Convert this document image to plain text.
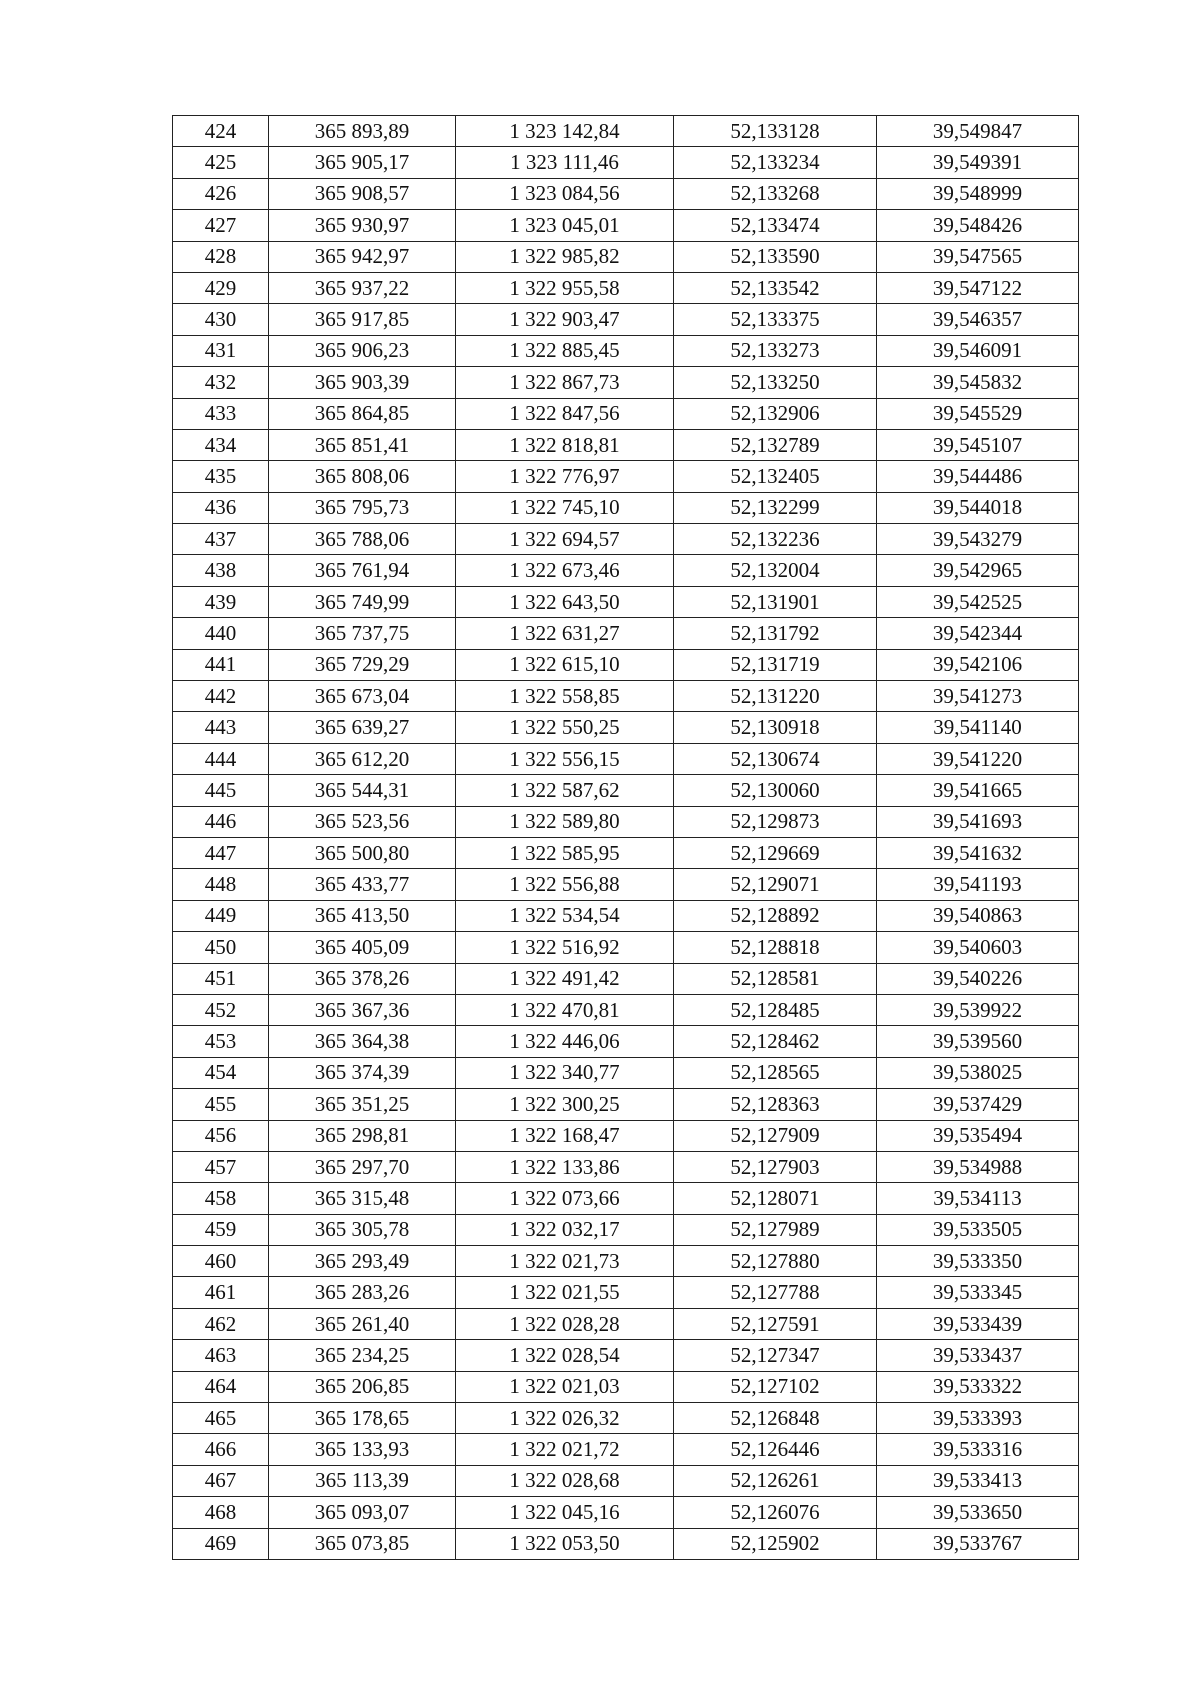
424	365 893,89	1 323 142,84	52,133128	39,549847
425	365 905,17	1 323 111,46	52,133234	39,549391
426	365 908,57	1 323 084,56	52,133268	39,548999
427	365 930,97	1 323 045,01	52,133474	39,548426
428	365 942,97	1 322 985,82	52,133590	39,547565
429	365 937,22	1 322 955,58	52,133542	39,547122
430	365 917,85	1 322 903,47	52,133375	39,546357
431	365 906,23	1 322 885,45	52,133273	39,546091
432	365 903,39	1 322 867,73	52,133250	39,545832
433	365 864,85	1 322 847,56	52,132906	39,545529
434	365 851,41	1 322 818,81	52,132789	39,545107
435	365 808,06	1 322 776,97	52,132405	39,544486
436	365 795,73	1 322 745,10	52,132299	39,544018
437	365 788,06	1 322 694,57	52,132236	39,543279
438	365 761,94	1 322 673,46	52,132004	39,542965
439	365 749,99	1 322 643,50	52,131901	39,542525
440	365 737,75	1 322 631,27	52,131792	39,542344
441	365 729,29	1 322 615,10	52,131719	39,542106
442	365 673,04	1 322 558,85	52,131220	39,541273
443	365 639,27	1 322 550,25	52,130918	39,541140
444	365 612,20	1 322 556,15	52,130674	39,541220
445	365 544,31	1 322 587,62	52,130060	39,541665
446	365 523,56	1 322 589,80	52,129873	39,541693
447	365 500,80	1 322 585,95	52,129669	39,541632
448	365 433,77	1 322 556,88	52,129071	39,541193
449	365 413,50	1 322 534,54	52,128892	39,540863
450	365 405,09	1 322 516,92	52,128818	39,540603
451	365 378,26	1 322 491,42	52,128581	39,540226
452	365 367,36	1 322 470,81	52,128485	39,539922
453	365 364,38	1 322 446,06	52,128462	39,539560
454	365 374,39	1 322 340,77	52,128565	39,538025
455	365 351,25	1 322 300,25	52,128363	39,537429
456	365 298,81	1 322 168,47	52,127909	39,535494
457	365 297,70	1 322 133,86	52,127903	39,534988
458	365 315,48	1 322 073,66	52,128071	39,534113
459	365 305,78	1 322 032,17	52,127989	39,533505
460	365 293,49	1 322 021,73	52,127880	39,533350
461	365 283,26	1 322 021,55	52,127788	39,533345
462	365 261,40	1 322 028,28	52,127591	39,533439
463	365 234,25	1 322 028,54	52,127347	39,533437
464	365 206,85	1 322 021,03	52,127102	39,533322
465	365 178,65	1 322 026,32	52,126848	39,533393
466	365 133,93	1 322 021,72	52,126446	39,533316
467	365 113,39	1 322 028,68	52,126261	39,533413
468	365 093,07	1 322 045,16	52,126076	39,533650
469	365 073,85	1 322 053,50	52,125902	39,533767
